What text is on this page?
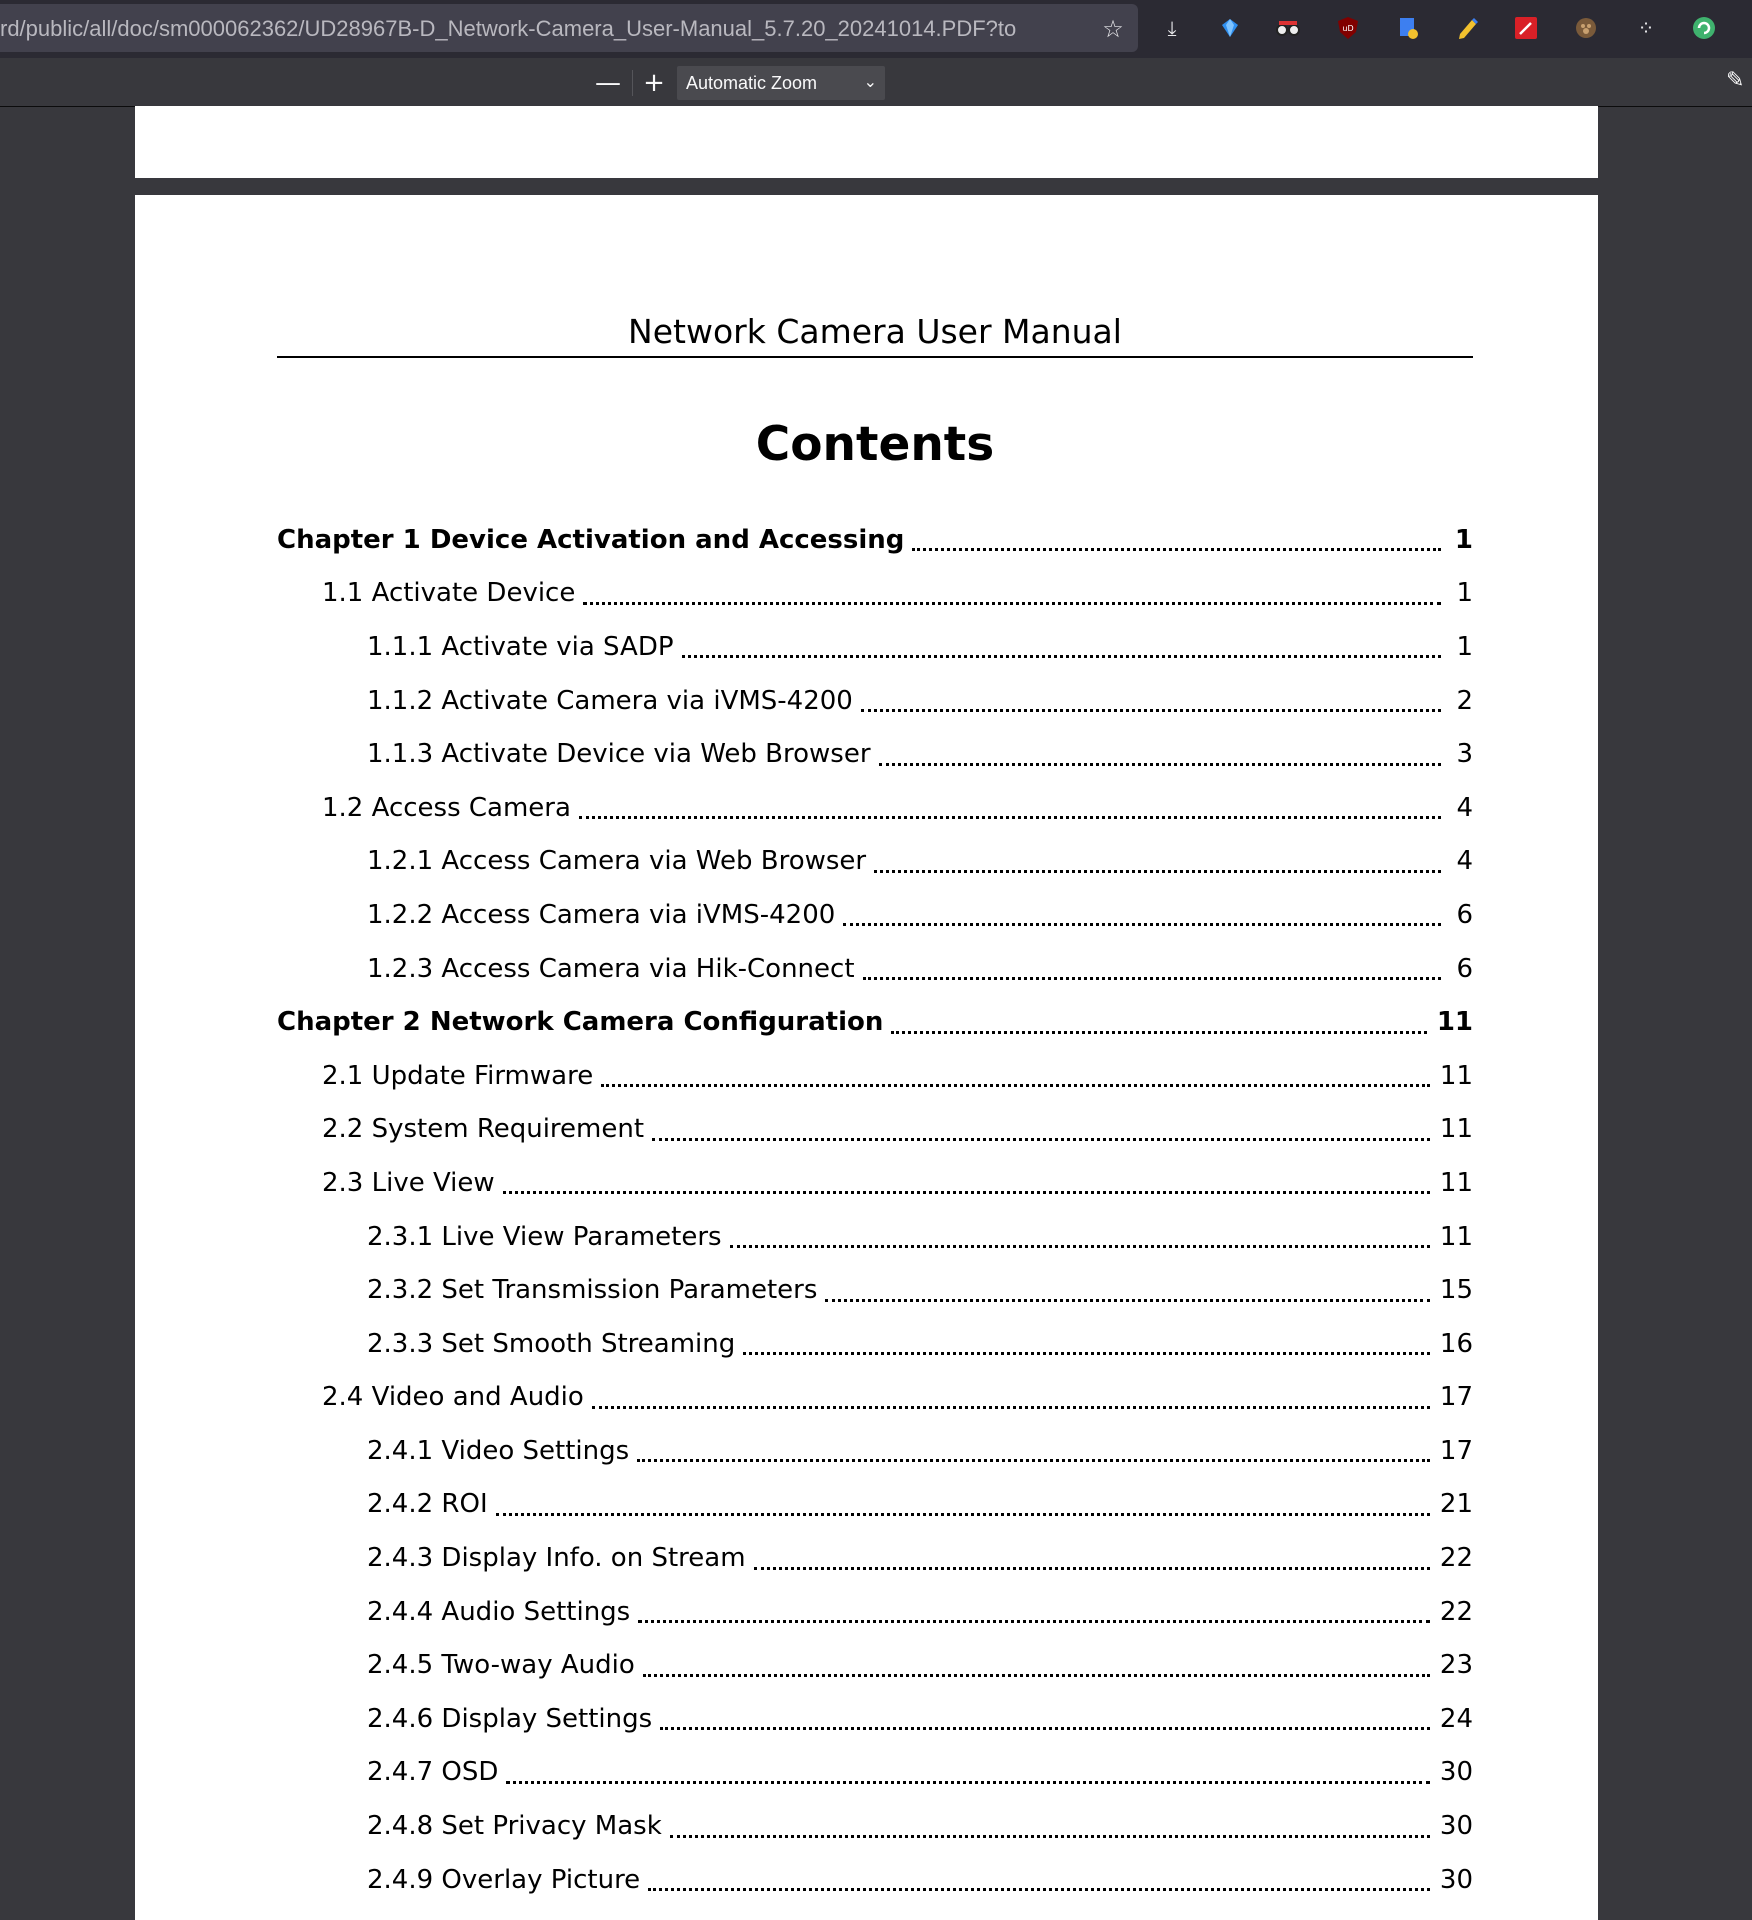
rd/public/all/doc/sm000062362/UD28967B-D_Network-Camera_User-Manual_5.7.20_20241014.PDF?to	☆	⤓	uD	⁘
— + Automatic Zoom	⌄	✎
Network Camera User Manual
Contents
Chapter 1 Device Activation and Accessing	1
1.1 Activate Device	1
1.1.1 Activate via SADP	1
1.1.2 Activate Camera via iVMS-4200	2
1.1.3 Activate Device via Web Browser	3
1.2 Access Camera	4
1.2.1 Access Camera via Web Browser	4
1.2.2 Access Camera via iVMS-4200	6
1.2.3 Access Camera via Hik-Connect	6
Chapter 2 Network Camera Configuration	11
2.1 Update Firmware	11
2.2 System Requirement	11
2.3 Live View	11
2.3.1 Live View Parameters	11
2.3.2 Set Transmission Parameters	15
2.3.3 Set Smooth Streaming	16
2.4 Video and Audio	17
2.4.1 Video Settings	17
2.4.2 ROI	21
2.4.3 Display Info. on Stream	22
2.4.4 Audio Settings	22
2.4.5 Two-way Audio	23
2.4.6 Display Settings	24
2.4.7 OSD	30
2.4.8 Set Privacy Mask	30
2.4.9 Overlay Picture	30
